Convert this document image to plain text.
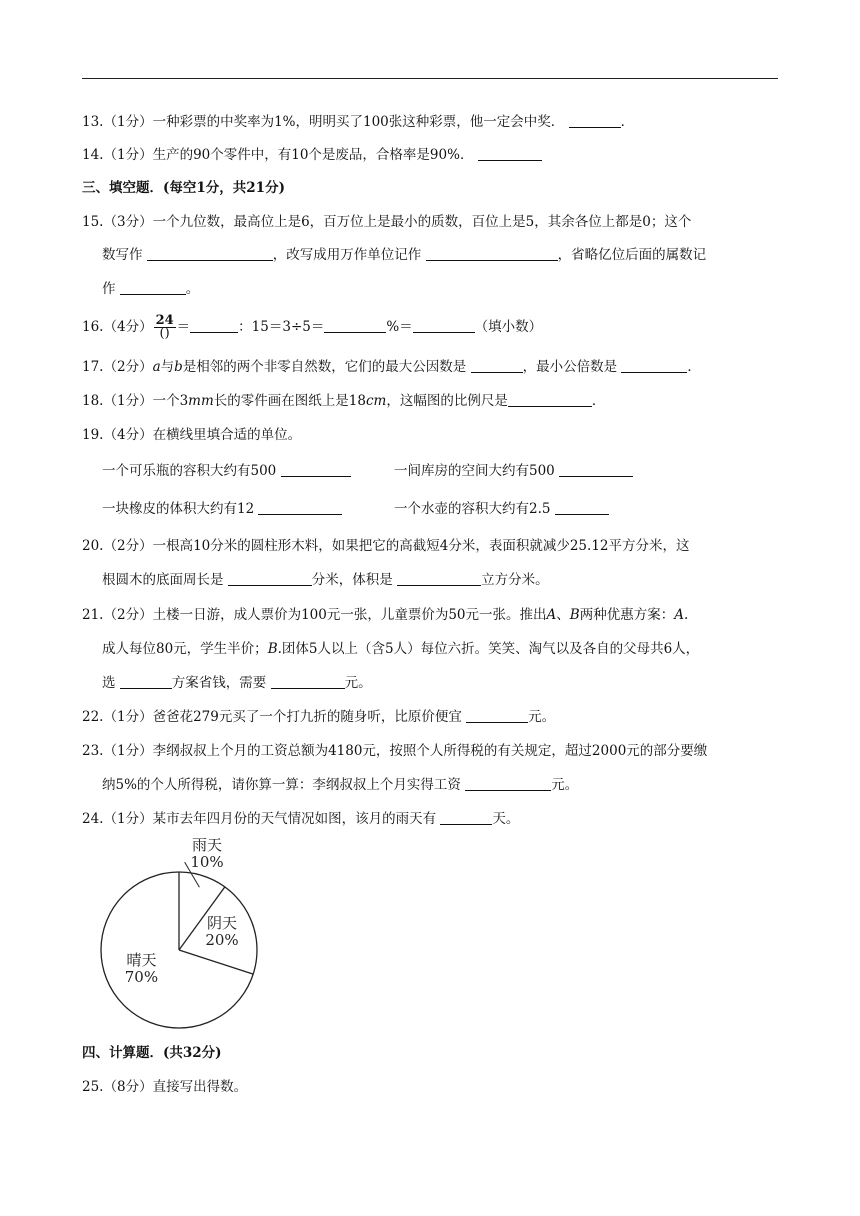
13.（1分）一种彩票的中奖率为1%，明明买了100张这种彩票，他一定会中奖．	．
14.（1分）生产的90个零件中，有10个是废品，合格率是90%．
三、填空题．(每空1分，共21分)
15.（3分）一个九位数，最高位上是6，百万位上是最小的质数，百位上是5，其余各位上都是0；这个
数写作	，改写成用万作单位记作	，省略亿位后面的属数记
作	。
16.（4分） $\frac{24}{()}$ ＝	：15＝3÷5＝	%＝	（填小数）
17.（2分）a与b是相邻的两个非零自然数，它们的最大公因数是	，最小公倍数是	．
18.（1分）一个3mm长的零件画在图纸上是18cm，这幅图的比例尺是	．
19.（4分）在横线里填合适的单位。
一个可乐瓶的容积大约有500	一间库房的空间大约有500
一块橡皮的体积大约有12	一个水壶的容积大约有2.5
20.（2分）一根高10分米的圆柱形木料，如果把它的高截短4分米，表面积就减少25.12平方分米，这
根圆木的底面周长是	分米，体积是	立方分米。
21.（2分）土楼一日游，成人票价为100元一张，儿童票价为50元一张。推出A、B两种优惠方案：A.
成人每位80元，学生半价；B.团体5人以上（含5人）每位六折。笑笑、淘气以及各自的父母共6人，
选	方案省钱，需要	元。
22.（1分）爸爸花279元买了一个打九折的随身听，比原价便宜	元。
23.（1分）李纲叔叔上个月的工资总额为4180元，按照个人所得税的有关规定，超过2000元的部分要缴
纳5%的个人所得税，请你算一算：李纲叔叔上个月实得工资	元。
24.（1分）某市去年四月份的天气情况如图，该月的雨天有	天。
雨天
10%
阴天
20%
晴天
70%
四、计算题．(共32分)
25.（8分）直接写出得数。
